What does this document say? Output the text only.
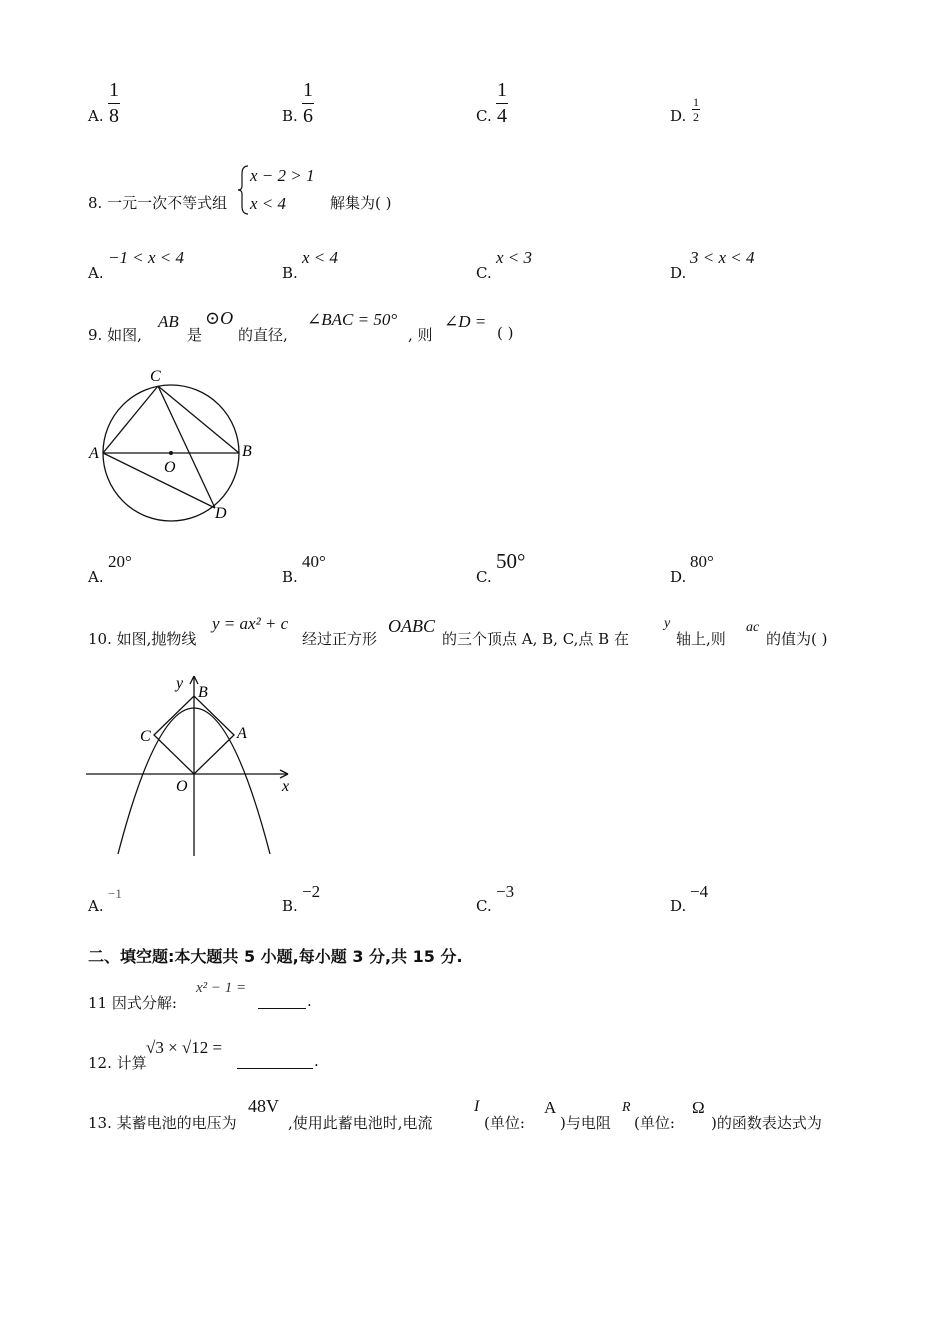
A.
1
8	B.
1
6	C.
1
4	D.
1
2
8. 一元一次不等式组
x − 2 > 1
x < 4	解集为( )
A.
−1 < x < 4
B.
x < 4
C.
x < 3
D.
3 < x < 4
9. 如图,
AB
是
⊙O
的直径,
∠BAC = 50°
, 则
∠D =
( )
C
A	B
O
D
A.
20°
B.
40°
C.
50°
D.
80°
10. 如图,抛物线
y = ax² + c
经过正方形
OABC
的三个顶点 A, B, C,点 B 在
y
轴上,则
ac
的值为( )
y
B
C	A
O	x
A.
−1
B.
−2
C.
−3
D.
−4
二、填空题:本大题共 5 小题,每小题 3 分,共 15 分.
11 因式分解:
x² − 1 =
.
12. 计算
√3 × √12 =
.
13. 某蓄电池的电压为
48V
,使用此蓄电池时,电流
I
(单位:
A
)与电阻
R
(单位:
Ω
)的函数表达式为
